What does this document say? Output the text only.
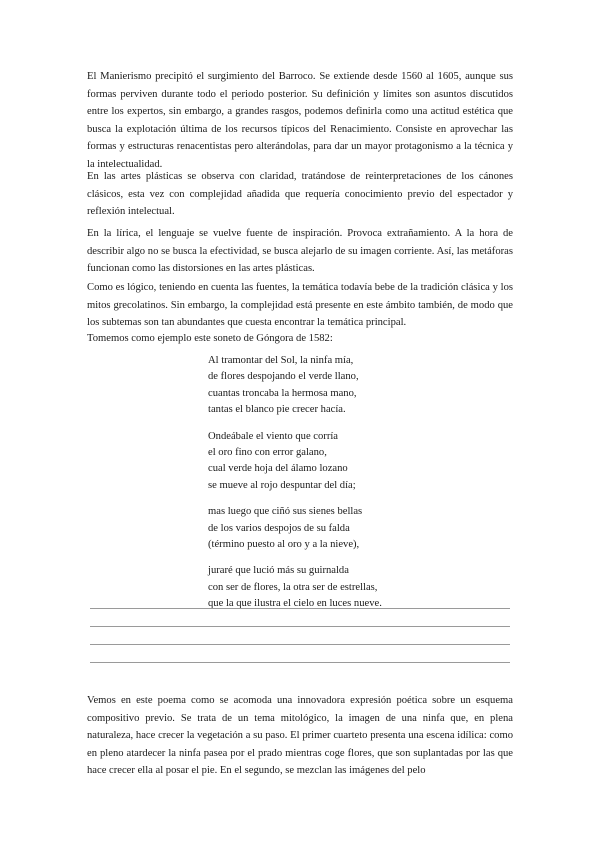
El Manierismo precipitó el surgimiento del Barroco. Se extiende desde 1560 al 1605, aunque sus formas perviven durante todo el periodo posterior. Su definición y límites son asuntos discutidos entre los expertos, sin embargo, a grandes rasgos, podemos definirla como una actitud estética que busca la explotación última de los recursos típicos del Renacimiento. Consiste en aprovechar las formas y estructuras renacentistas pero alterándolas, para dar un mayor protagonismo a la técnica y la intelectualidad.

En las artes plásticas se observa con claridad, tratándose de reinterpretaciones de los cánones clásicos, esta vez con complejidad añadida que requería conocimiento previo del espectador y reflexión intelectual.

En la lírica, el lenguaje se vuelve fuente de inspiración. Provoca extrañamiento. A la hora de describir algo no se busca la efectividad, se busca alejarlo de su imagen corriente. Así, las metáforas funcionan como las distorsiones en las artes plásticas.

Como es lógico, teniendo en cuenta las fuentes, la temática todavía bebe de la tradición clásica y los mitos grecolatinos. Sin embargo, la complejidad está presente en este ámbito también, de modo que los subtemas son tan abundantes que cuesta encontrar la temática principal.

Tomemos como ejemplo este soneto de Góngora de 1582:

Al tramontar del Sol, la ninfa mía,
de flores despojando el verde llano,
cuantas troncaba la hermosa mano,
tantas el blanco pie crecer hacía.
Ondeábale el viento que corría
el oro fino con error galano,
cual verde hoja del álamo lozano
se mueve al rojo despuntar del día;
mas luego que ciñó sus sienes bellas
de los varios despojos de su falda
(término puesto al oro y a la nieve),
juraré que lució más su guirnalda
con ser de flores, la otra ser de estrellas,
que la que ilustra el cielo en luces nueve.

Vemos en este poema como se acomoda una innovadora expresión poética sobre un esquema compositivo previo. Se trata de un tema mitológico, la imagen de una ninfa que, en plena naturaleza, hace crecer la vegetación a su paso. El primer cuarteto presenta una escena idílica: como en pleno atardecer la ninfa pasea por el prado mientras coge flores, que son suplantadas por las que hace crecer ella al posar el pie. En el segundo, se mezclan las imágenes del pelo
